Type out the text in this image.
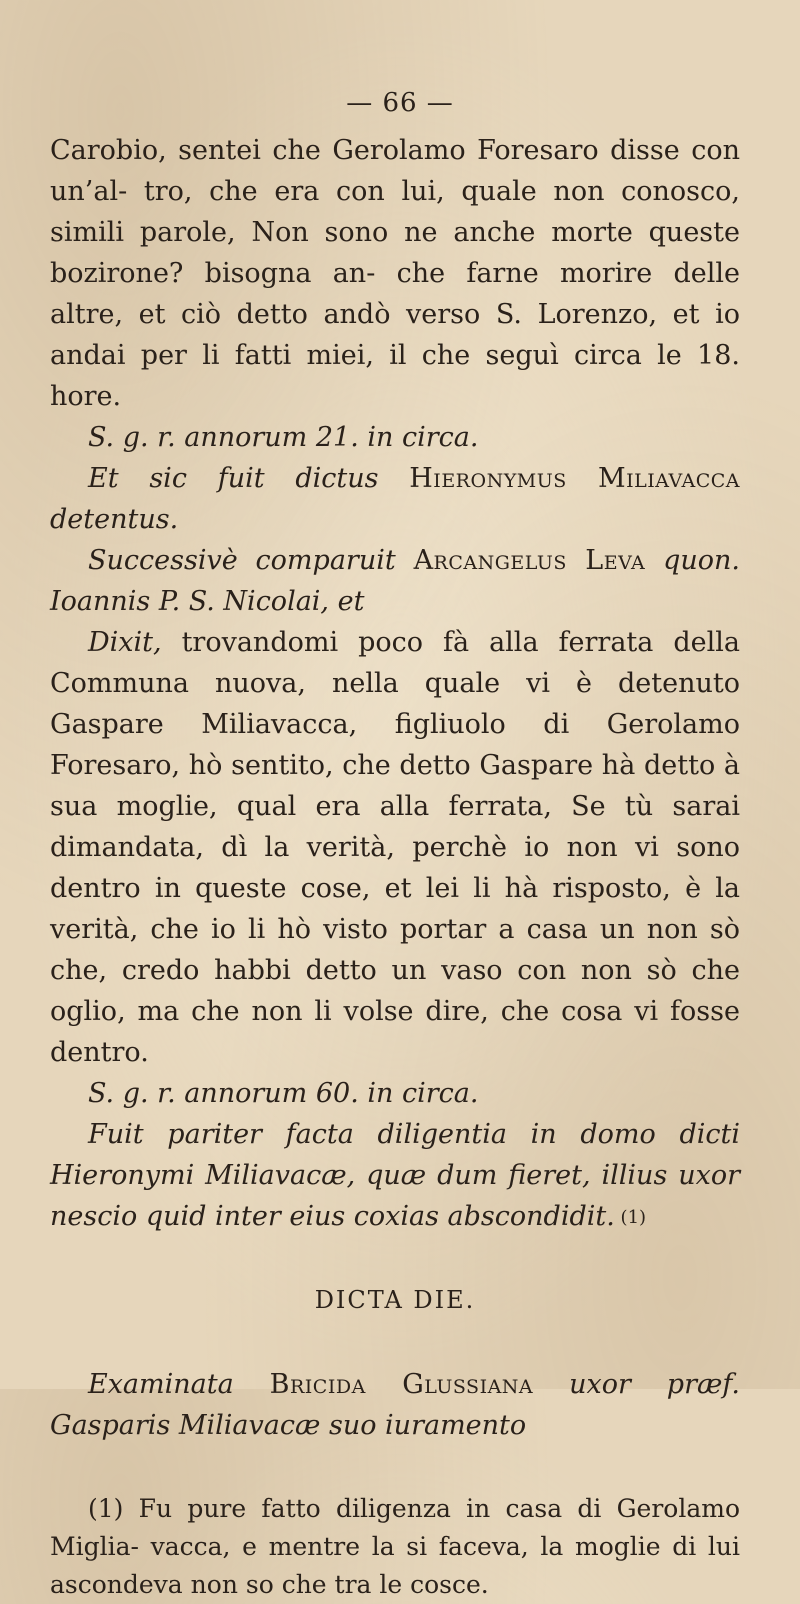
— 66 —

Carobio, sentei che Gerolamo Foresaro disse con un’al- tro, che era con lui, quale non conosco, simili parole, Non sono ne anche morte queste bozirone? bisogna an- che farne morire delle altre, et ciò detto andò verso S. Lorenzo, et io andai per li fatti miei, il che seguì circa le 18. hore.

S. g. r. annorum 21. in circa.

Et sic fuit dictus Hieronymus Miliavacca detentus.

Successivè comparuit Arcangelus Leva quon. Ioannis P. S. Nicolai, et

Dixit, trovandomi poco fà alla ferrata della Communa nuova, nella quale vi è detenuto Gaspare Miliavacca, figliuolo di Gerolamo Foresaro, hò sentito, che detto Gaspare hà detto à sua moglie, qual era alla ferrata, Se tù sarai dimandata, dì la verità, perchè io non vi sono dentro in queste cose, et lei li hà risposto, è la verità, che io li hò visto portar a casa un non sò che, credo habbi detto un vaso con non sò che oglio, ma che non li volse dire, che cosa vi fosse dentro.

S. g. r. annorum 60. in circa.

Fuit pariter facta diligentia in domo dicti Hieronymi Miliavacæ, quæ dum fieret, illius uxor nescio quid inter eius coxias abscondidit. (1)

DICTA DIE.

Examinata Bricida Glussiana uxor præf. Gasparis Miliavacæ suo iuramento

(1) Fu pure fatto diligenza in casa di Gerolamo Miglia- vacca, e mentre la si faceva, la moglie di lui ascondeva non so che tra le cosce.
